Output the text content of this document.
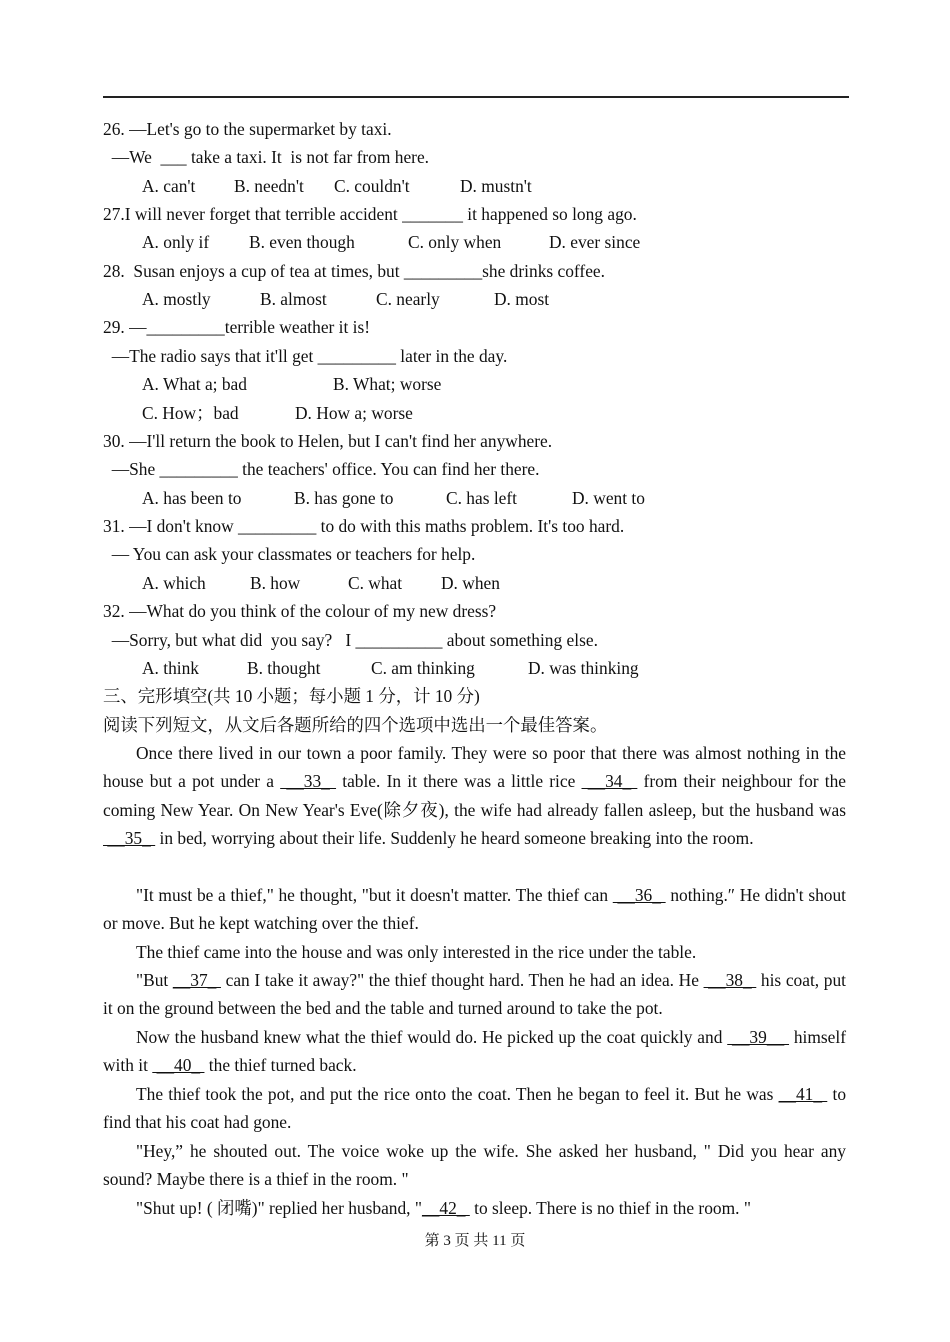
26. —Let's go to the supermarket by taxi.
—We  ___ take a taxi. It  is not far from here.
A. can't B. needn't C. couldn't	D. mustn't
27.I will never forget that terrible accident _______ it happened so long ago.
A. only if B. even though	C. only when	D. ever since
28.  Susan enjoys a cup of tea at times, but _________she drinks coffee.
A. mostly	B. almost	C. nearly	D. most
29. —_________terrible weather it is!
—The radio says that it'll get _________ later in the day.
A. What a; bad	B. What; worse
C. How；bad	D. How a; worse
30. —I'll return the book to Helen, but I can't find her anywhere.
—She _________ the teachers' office. You can find her there.
A. has been to	B. has gone to	C. has left	D. went to
31. —I don't know _________ to do with this maths problem. It's too hard.
— You can ask your classmates or teachers for help.
A. which	B. how	C. what D. when
32. —What do you think of the colour of my new dress?
—Sorry, but what did  you say?   I __________ about something else.
A. think	B. thought	C. am thinking	D. was thinking
三、完形填空(共 10 小题；每小题 1 分，计 10 分)
阅读下列短文，从文后各题所给的四个选项中选出一个最佳答案。
Once there lived in our town a poor family. They were so poor that there was almost nothing in the house but a pot under a  __33_  table. In it there was a little rice  __34_  from their neighbour for the coming New Year. On New Year's Eve(除夕夜), the wife had already fallen asleep, but the husband was  __35_  in bed, worrying about their life. Suddenly he heard someone breaking into the room.
"It must be a thief," he thought, "but it doesn't matter. The thief can  __36_  nothing.″ He didn't shout or move. But he kept watching over the thief.
The thief came into the house and was only interested in the rice under the table.
"But __37_  can I take it away?" the thief thought hard. Then he had an idea. He  __38_  his coat, put it on the ground between the bed and the table and turned around to take the pot.
Now the husband knew what the thief would do. He picked up the coat quickly and  __39__  himself with it  __40_  the thief turned back.
The thief took the pot, and put the rice onto the coat. Then he began to feel it. But he was __41_  to find that his coat had gone.
"Hey,” he shouted out. The voice woke up the wife. She asked her husband, " Did you hear any sound? Maybe there is a thief in the room. "
"Shut up! ( 闭嘴)" replied her husband, "__42_  to sleep. There is no thief in the room. "
第 3 页 共 11 页
